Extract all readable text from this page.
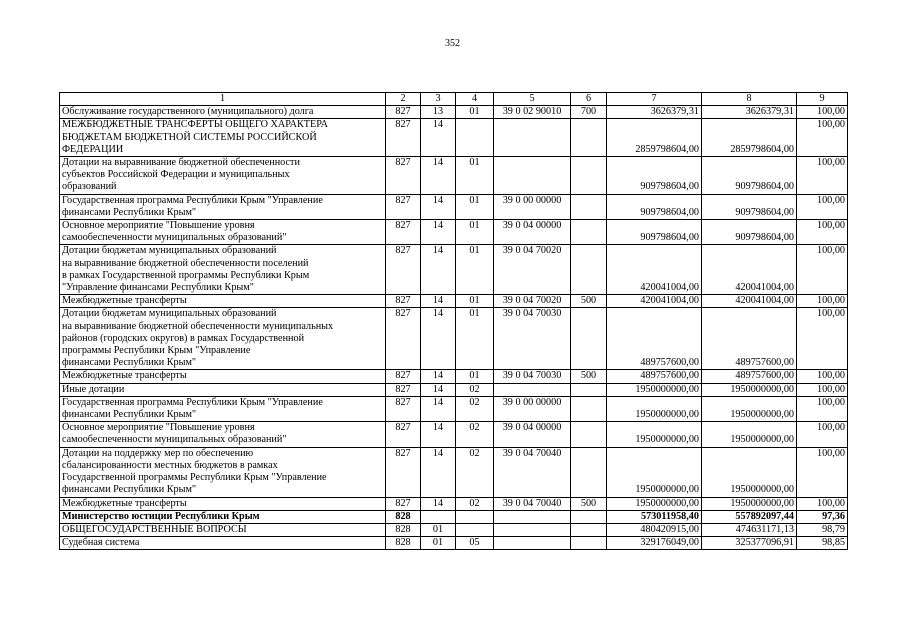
352
1	2	3	4	5	6	7	8	9
Обслуживание государственного (муниципального) долга	827	13	01	39 0 02 90010	700	3626379,31	3626379,31	100,00
МЕЖБЮДЖЕТНЫЕ ТРАНСФЕРТЫ ОБЩЕГО ХАРАКТЕРА
БЮДЖЕТАМ БЮДЖЕТНОЙ СИСТЕМЫ РОССИЙСКОЙ
ФЕДЕРАЦИИ	827	14				2859798604,00	2859798604,00	100,00
Дотации на выравнивание бюджетной обеспеченности
субъектов Российской Федерации и муниципальных
образований	827	14	01			909798604,00	909798604,00	100,00
Государственная программа Республики Крым "Управление
финансами Республики Крым"	827	14	01	39 0 00 00000		909798604,00	909798604,00	100,00
Основное мероприятие "Повышение уровня
самообеспеченности муниципальных образований"	827	14	01	39 0 04 00000		909798604,00	909798604,00	100,00
Дотации бюджетам муниципальных образований
на выравнивание бюджетной обеспеченности поселений
в рамках Государственной программы Республики Крым
"Управление финансами Республики Крым"	827	14	01	39 0 04 70020		420041004,00	420041004,00	100,00
Межбюджетные трансферты	827	14	01	39 0 04 70020	500	420041004,00	420041004,00	100,00
Дотации бюджетам муниципальных образований
на выравнивание бюджетной обеспеченности муниципальных
районов (городских округов) в рамках Государственной
программы Республики Крым "Управление
финансами Республики Крым"	827	14	01	39 0 04 70030		489757600,00	489757600,00	100,00
Межбюджетные трансферты	827	14	01	39 0 04 70030	500	489757600,00	489757600,00	100,00
Иные дотации	827	14	02			1950000000,00	1950000000,00	100,00
Государственная программа Республики Крым "Управление
финансами Республики Крым"	827	14	02	39 0 00 00000		1950000000,00	1950000000,00	100,00
Основное мероприятие "Повышение уровня
самообеспеченности муниципальных образований"	827	14	02	39 0 04 00000		1950000000,00	1950000000,00	100,00
Дотации на поддержку мер по обеспечению
сбалансированности местных бюджетов в рамках
Государственной программы Республики Крым "Управление
финансами Республики Крым"	827	14	02	39 0 04 70040		1950000000,00	1950000000,00	100,00
Межбюджетные трансферты	827	14	02	39 0 04 70040	500	1950000000,00	1950000000,00	100,00
Министерство юстиции Республики Крым	828					573011958,40	557892097,44	97,36
ОБЩЕГОСУДАРСТВЕННЫЕ ВОПРОСЫ	828	01				480420915,00	474631171,13	98,79
Судебная система	828	01	05			329176049,00	325377096,91	98,85
